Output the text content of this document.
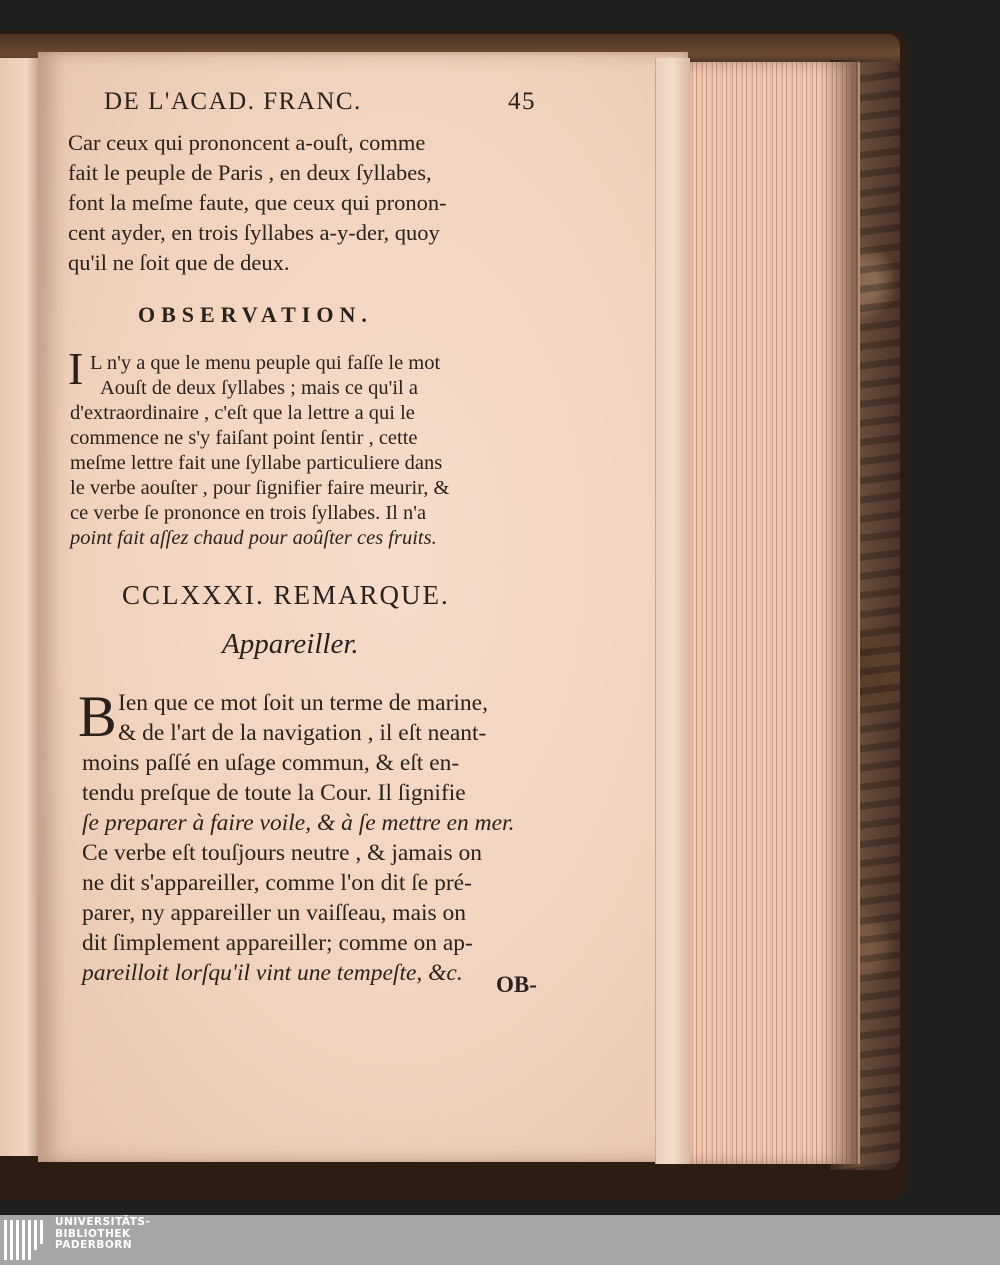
DE L'ACAD. FRANC.	45
Car ceux qui prononcent a-ouſt, comme
fait le peuple de Paris , en deux ſyllabes,
font la meſme faute, que ceux qui pronon-
cent ayder, en trois ſyllabes a-y-der, quoy
qu'il ne ſoit que de deux.
OBSERVATION.
I L n'y a que le menu peuple qui faſſe le mot
Aouſt de deux ſyllabes ; mais ce qu'il a
d'extraordinaire , c'eſt que la lettre a qui le
commence ne s'y faiſant point ſentir , cette
meſme lettre fait une ſyllabe particuliere dans
le verbe aouſter , pour ſignifier faire meurir, &
ce verbe ſe prononce en trois ſyllabes. Il n'a
point fait aſſez chaud pour aoûſter ces fruits.
CCLXXXI. REMARQUE.
Appareiller.
B Ien que ce mot ſoit un terme de marine,
& de l'art de la navigation , il eſt neant-
moins paſſé en uſage commun, & eſt en-
tendu preſque de toute la Cour. Il ſignifie
ſe preparer à faire voile, & à ſe mettre en mer.
Ce verbe eſt touſjours neutre , & jamais on
ne dit s'appareiller, comme l'on dit ſe pré-
parer, ny appareiller un vaiſſeau, mais on
dit ſimplement appareiller; comme on ap-
pareilloit lorſqu'il vint une tempeſte, &c. OB-
UNIVERSITÄTS-
BIBLIOTHEK
PADERBORN
